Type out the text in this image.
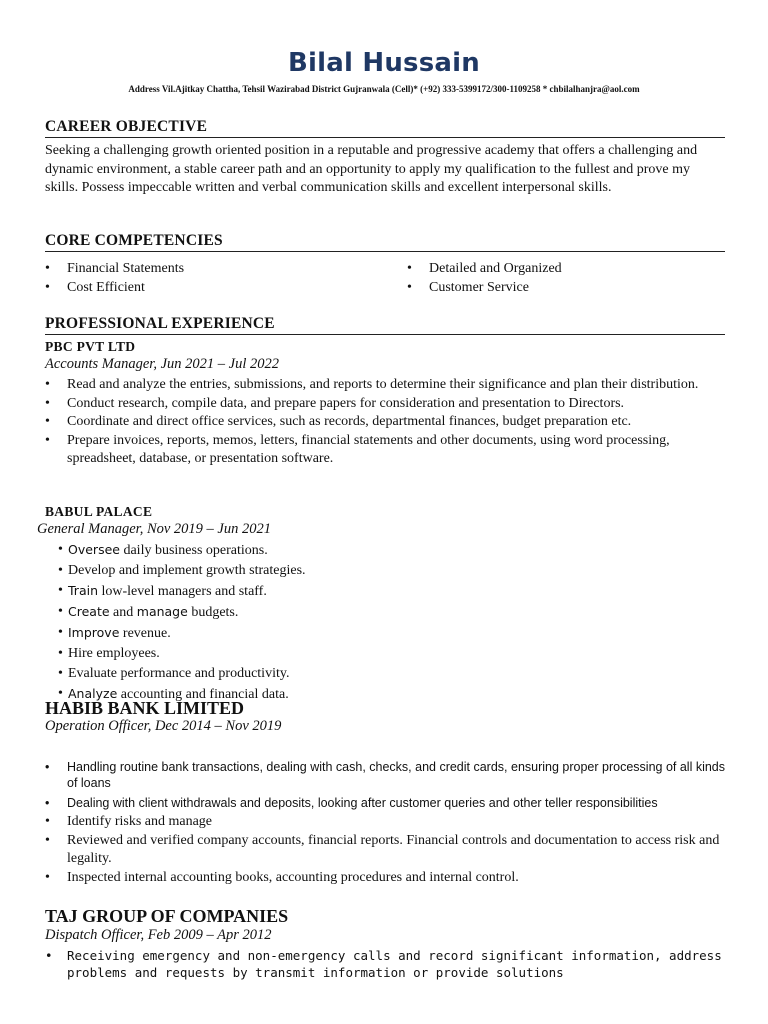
Bilal Hussain
Address Vil.Ajitkay Chattha, Tehsil Wazirabad District Gujranwala (Cell)* (+92) 333-5399172/300-1109258 * chbilalhanjra@aol.com
CAREER OBJECTIVE
Seeking a challenging growth oriented position in a reputable and progressive academy that offers a challenging and dynamic environment, a stable career path and an opportunity to apply my qualification to the fullest and prove my skills. Possess impeccable written and verbal communication skills and excellent interpersonal skills.
CORE COMPETENCIES
• Financial Statements
• Cost Efficient
• Detailed and Organized
• Customer Service
PROFESSIONAL EXPERIENCE
PBC PVT LTD
Accounts Manager, Jun 2021 – Jul 2022
• Read and analyze the entries, submissions, and reports to determine their significance and plan their distribution.
• Conduct research, compile data, and prepare papers for consideration and presentation to Directors.
• Coordinate and direct office services, such as records, departmental finances, budget preparation etc.
• Prepare invoices, reports, memos, letters, financial statements and other documents, using word processing, spreadsheet, database, or presentation software.
BABUL PALACE
General Manager, Nov 2019 – Jun 2021
• Oversee daily business operations.
• Develop and implement growth strategies.
• Train low-level managers and staff.
• Create and manage budgets.
• Improve revenue.
• Hire employees.
• Evaluate performance and productivity.
• Analyze accounting and financial data.
HABIB BANK LIMITED
Operation Officer, Dec 2014 – Nov 2019
• Handling routine bank transactions, dealing with cash, checks, and credit cards, ensuring proper processing of all kinds of loans
• Dealing with client withdrawals and deposits, looking after customer queries and other teller responsibilities
• Identify risks and manage
• Reviewed and verified company accounts, financial reports. Financial controls and documentation to access risk and legality.
• Inspected internal accounting books, accounting procedures and internal control.
TAJ GROUP OF COMPANIES
Dispatch Officer, Feb 2009 – Apr 2012
• Receiving emergency and non-emergency calls and record significant information, address problems and requests by transmit information or provide solutions
